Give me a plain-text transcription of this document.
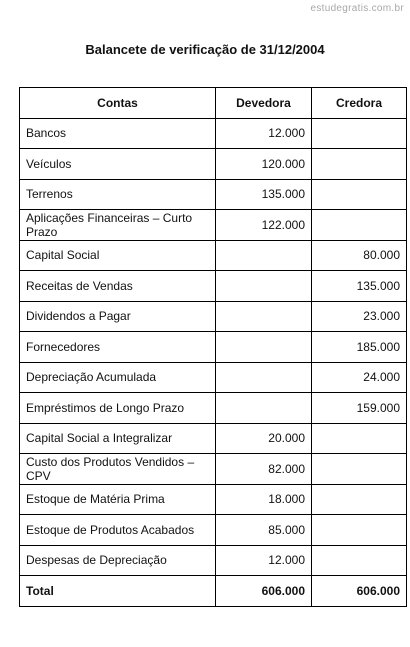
estudegratis.com.br
Balancete de verificação de 31/12/2004
Contas	Devedora	Credora
Bancos	12.000	
Veículos	120.000	
Terrenos	135.000	
Aplicações Financeiras – Curto Prazo	122.000	
Capital Social		80.000
Receitas de Vendas		135.000
Dividendos a Pagar		23.000
Fornecedores		185.000
Depreciação Acumulada		24.000
Empréstimos de Longo Prazo		159.000
Capital Social a Integralizar	20.000	
Custo dos Produtos Vendidos – CPV	82.000	
Estoque de Matéria Prima	18.000	
Estoque de Produtos Acabados	85.000	
Despesas de Depreciação	12.000	
Total	606.000	606.000
